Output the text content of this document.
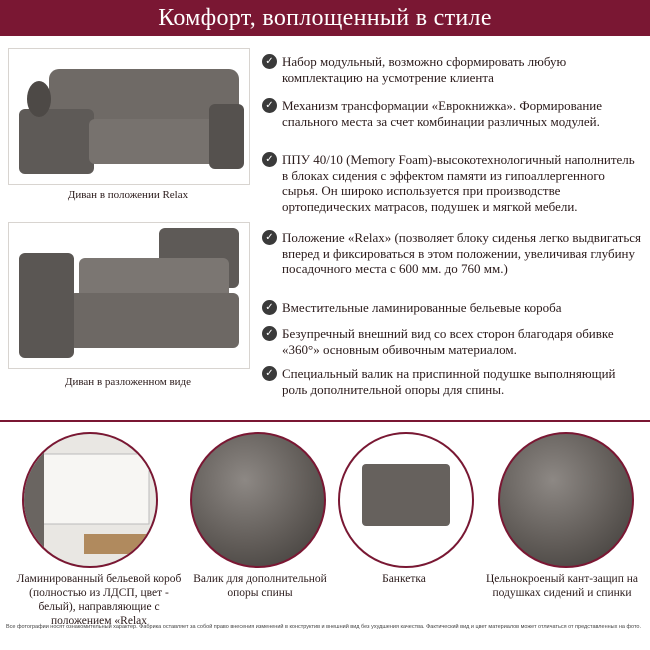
Комфорт, воплощенный в стиле
Диван в положении Relax
Диван в разложенном виде
✓ Набор модульный, возможно сформировать любую комплектацию на усмотрение клиента
✓ Механизм трансформации «Еврокнижка». Формирование спального места за счет комбинации различных модулей.
✓ ППУ 40/10 (Memory Foam)-высокотехнологичный наполнитель в блоках сидения с эффектом памяти из гипоаллергенного сырья. Он широко используется при производстве ортопедических матрасов, подушек и мягкой мебели.
✓ Положение «Relax» (позволяет блоку сиденья легко выдвигаться вперед и фиксироваться в этом положении, увеличивая глубину посадочного места с 600 мм. до 760 мм.)
✓ Вместительные ламинированные бельевые короба
✓ Безупречный внешний вид со всех сторон благодаря обивке «360°» основным обивочным материалом.
✓ Специальный валик на приспинной подушке выполняющий роль дополнительной опоры для спины.
Ламинированный бельевой короб (полностью из ЛДСП, цвет - белый), направляющие с положением «Relax
Валик для дополнительной опоры спины
Банкетка	Цельнокроеный кант-защип на подушках сидений и спинки
Все фотографии носят ознакомительный характер. Фабрика оставляет за собой право внесения изменений в конструктив и внешний вид без ухудшения качества. Фактический вид и цвет материалов может отличаться от представленных на фото.
